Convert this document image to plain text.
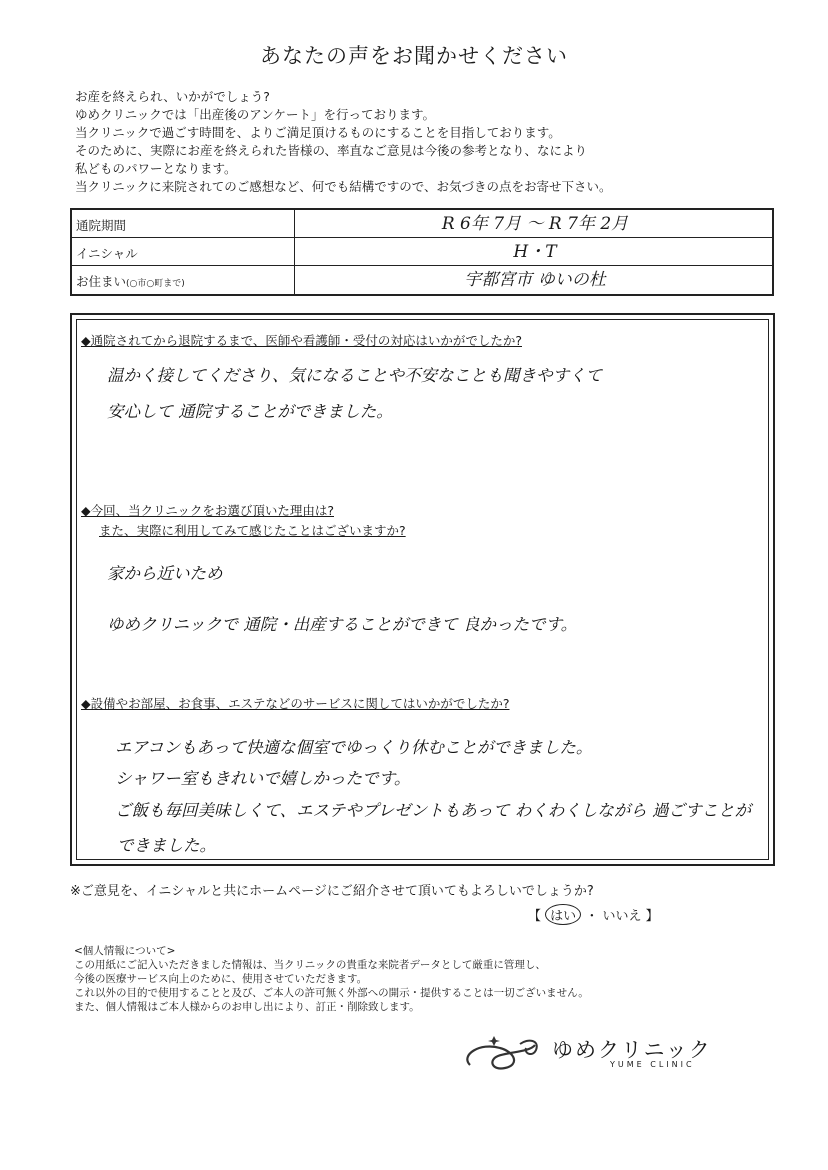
あなたの声をお聞かせください
お産を終えられ、いかがでしょう?
ゆめクリニックでは「出産後のアンケート」を行っております。
当クリニックで過ごす時間を、よりご満足頂けるものにすることを目指しております。
そのために、実際にお産を終えられた皆様の、率直なご意見は今後の参考となり、なにより
私どものパワーとなります。
当クリニックに来院されてのご感想など、何でも結構ですので、お気づきの点をお寄せ下さい。
通院期間	R 6年 7月 ～ R 7年 2月
イニシャル	H・T
お住まい(○市○町まで)	宇都宮市 ゆいの杜
◆通院されてから退院するまで、医師や看護師・受付の対応はいかがでしたか?
温かく接してくださり、気になることや不安なことも聞きやすくて
安心して 通院することができました。
◆今回、当クリニックをお選び頂いた理由は?
また、実際に利用してみて感じたことはございますか?
家から近いため
ゆめクリニックで 通院・出産することができて 良かったです。
◆設備やお部屋、お食事、エステなどのサービスに関してはいかがでしたか?
エアコンもあって快適な個室でゆっくり休むことができました。
シャワー室もきれいで嬉しかったです。
ご飯も毎回美味しくて、エステやプレゼントもあって わくわくしながら 過ごすことが
できました。
※ご意見を、イニシャルと共にホームページにご紹介させて頂いてもよろしいでしょうか?
【 はい ・ いいえ 】
<個人情報について>
この用紙にご記入いただきました情報は、当クリニックの貴重な来院者データとして厳重に管理し、
今後の医療サービス向上のために、使用させていただきます。
これ以外の目的で使用することと及び、ご本人の許可無く外部への開示・提供することは一切ございません。
また、個人情報はご本人様からのお申し出により、訂正・削除致します。
ゆめクリニック
YUME CLINIC
